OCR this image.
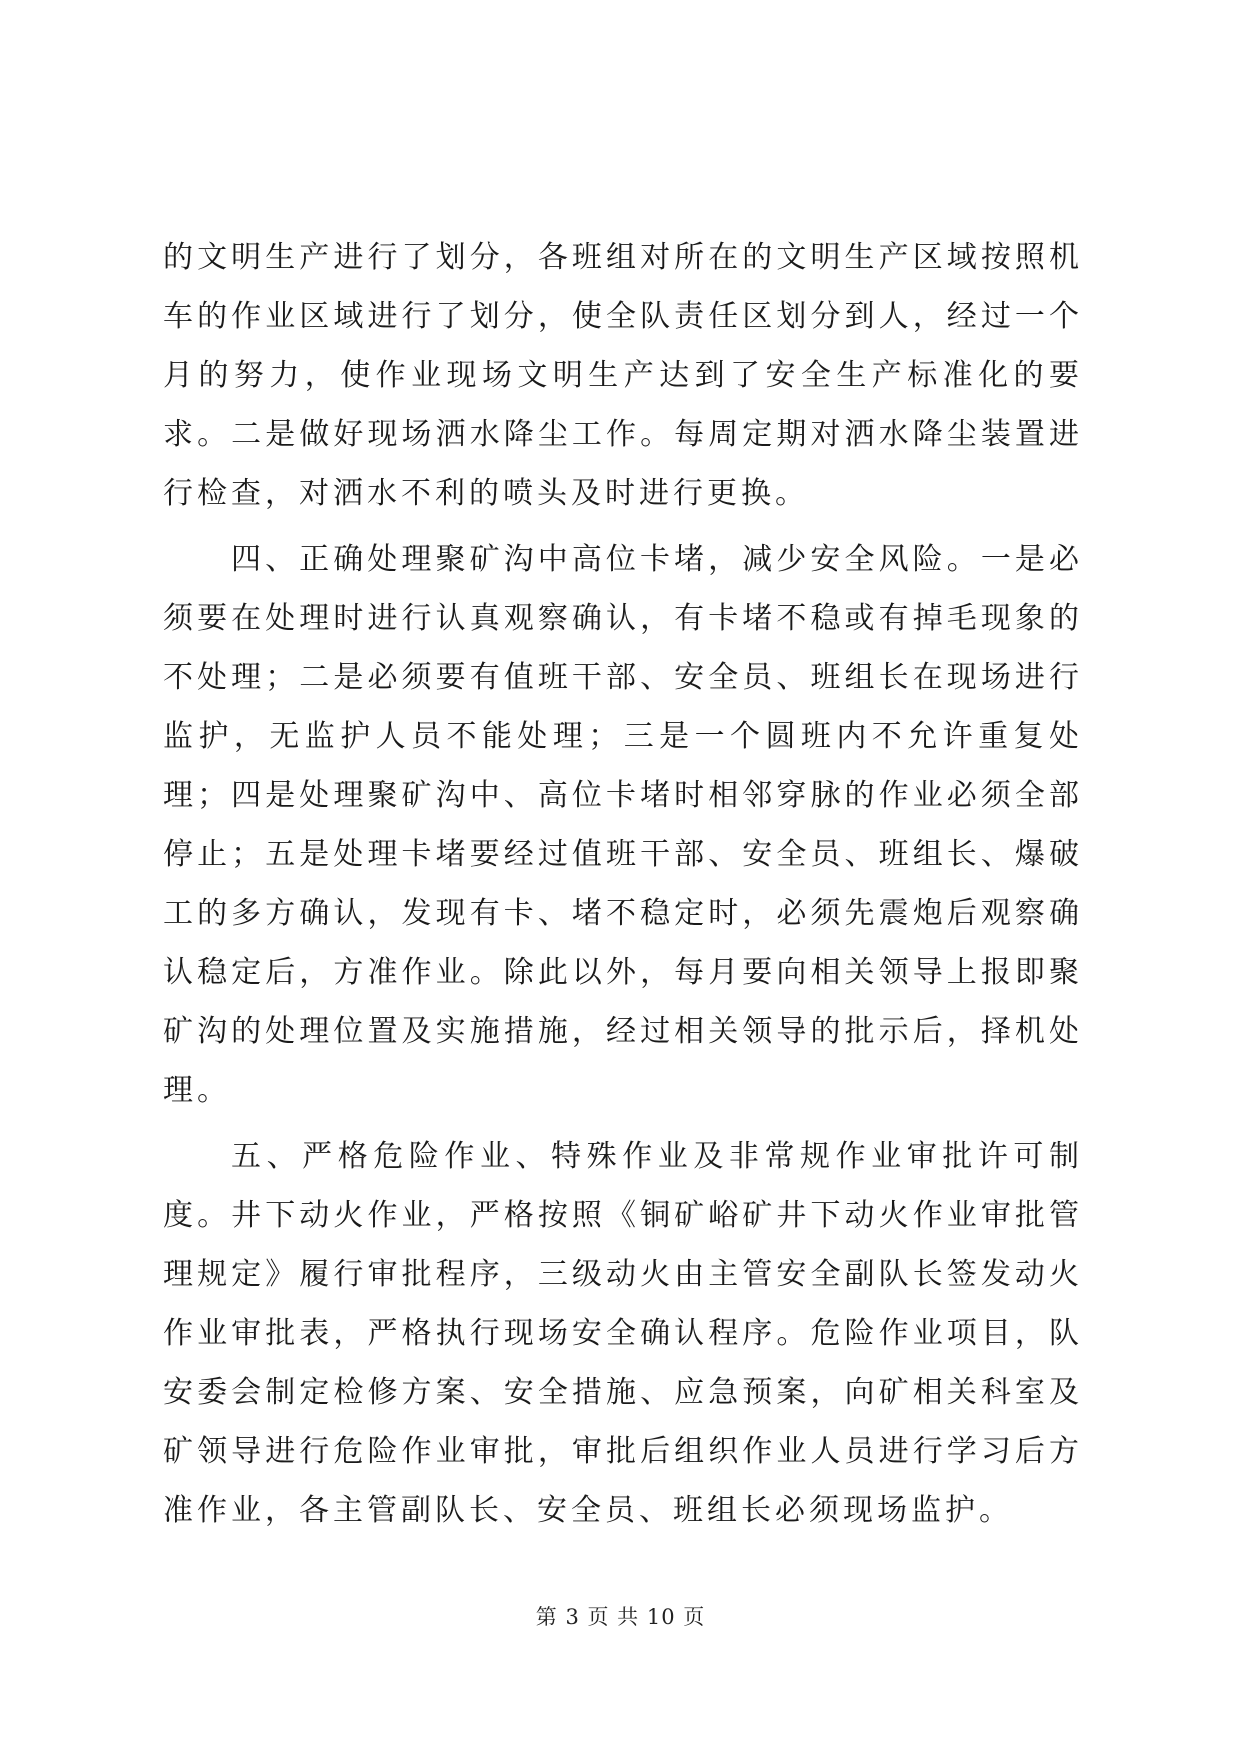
的文明生产进行了划分，各班组对所在的文明生产区域按照机车的作业区域进行了划分，使全队责任区划分到人，经过一个月的努力，使作业现场文明生产达到了安全生产标准化的要求。二是做好现场洒水降尘工作。每周定期对洒水降尘装置进行检查，对洒水不利的喷头及时进行更换。

四、正确处理聚矿沟中高位卡堵，减少安全风险。一是必须要在处理时进行认真观察确认，有卡堵不稳或有掉毛现象的不处理；二是必须要有值班干部、安全员、班组长在现场进行监护，无监护人员不能处理；三是一个圆班内不允许重复处理；四是处理聚矿沟中、高位卡堵时相邻穿脉的作业必须全部停止；五是处理卡堵要经过值班干部、安全员、班组长、爆破工的多方确认，发现有卡、堵不稳定时，必须先震炮后观察确认稳定后，方准作业。除此以外，每月要向相关领导上报即聚矿沟的处理位置及实施措施，经过相关领导的批示后，择机处理。

五、严格危险作业、特殊作业及非常规作业审批许可制度。井下动火作业，严格按照《铜矿峪矿井下动火作业审批管理规定》履行审批程序，三级动火由主管安全副队长签发动火作业审批表，严格执行现场安全确认程序。危险作业项目，队安委会制定检修方案、安全措施、应急预案，向矿相关科室及矿领导进行危险作业审批，审批后组织作业人员进行学习后方准作业，各主管副队长、安全员、班组长必须现场监护。

第 3 页 共 10 页
